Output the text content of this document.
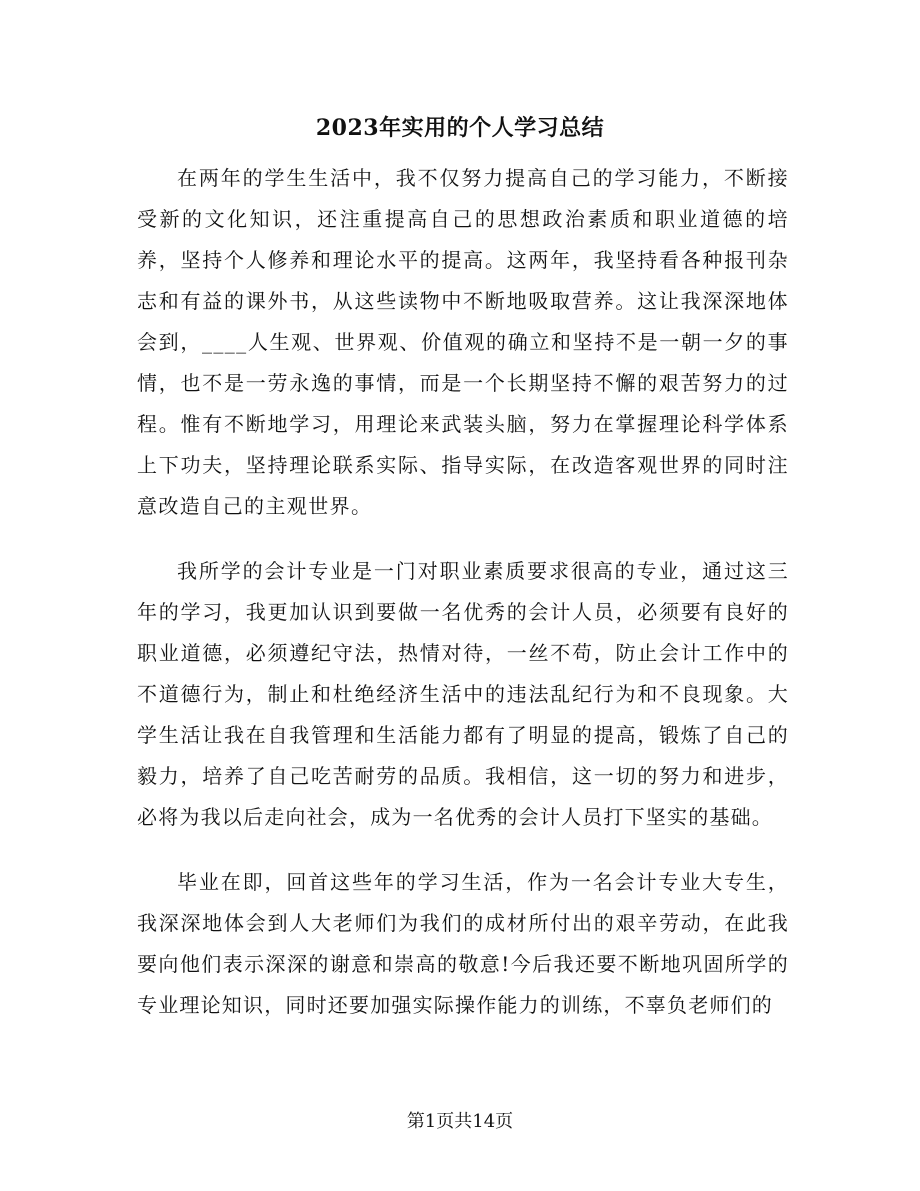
2023年实用的个人学习总结

在两年的学生生活中，我不仅努力提高自己的学习能力，不断接受新的文化知识，还注重提高自己的思想政治素质和职业道德的培养，坚持个人修养和理论水平的提高。这两年，我坚持看各种报刊杂志和有益的课外书，从这些读物中不断地吸取营养。这让我深深地体会到，____人生观、世界观、价值观的确立和坚持不是一朝一夕的事情，也不是一劳永逸的事情，而是一个长期坚持不懈的艰苦努力的过程。惟有不断地学习，用理论来武装头脑，努力在掌握理论科学体系上下功夫，坚持理论联系实际、指导实际，在改造客观世界的同时注意改造自己的主观世界。

我所学的会计专业是一门对职业素质要求很高的专业，通过这三年的学习，我更加认识到要做一名优秀的会计人员，必须要有良好的职业道德，必须遵纪守法，热情对待，一丝不苟，防止会计工作中的不道德行为，制止和杜绝经济生活中的违法乱纪行为和不良现象。大学生活让我在自我管理和生活能力都有了明显的提高，锻炼了自己的毅力，培养了自己吃苦耐劳的品质。我相信，这一切的努力和进步，必将为我以后走向社会，成为一名优秀的会计人员打下坚实的基础。

毕业在即，回首这些年的学习生活，作为一名会计专业大专生，我深深地体会到人大老师们为我们的成材所付出的艰辛劳动，在此我要向他们表示深深的谢意和崇高的敬意!今后我还要不断地巩固所学的专业理论知识，同时还要加强实际操作能力的训练，不辜负老师们的

第1页共14页
